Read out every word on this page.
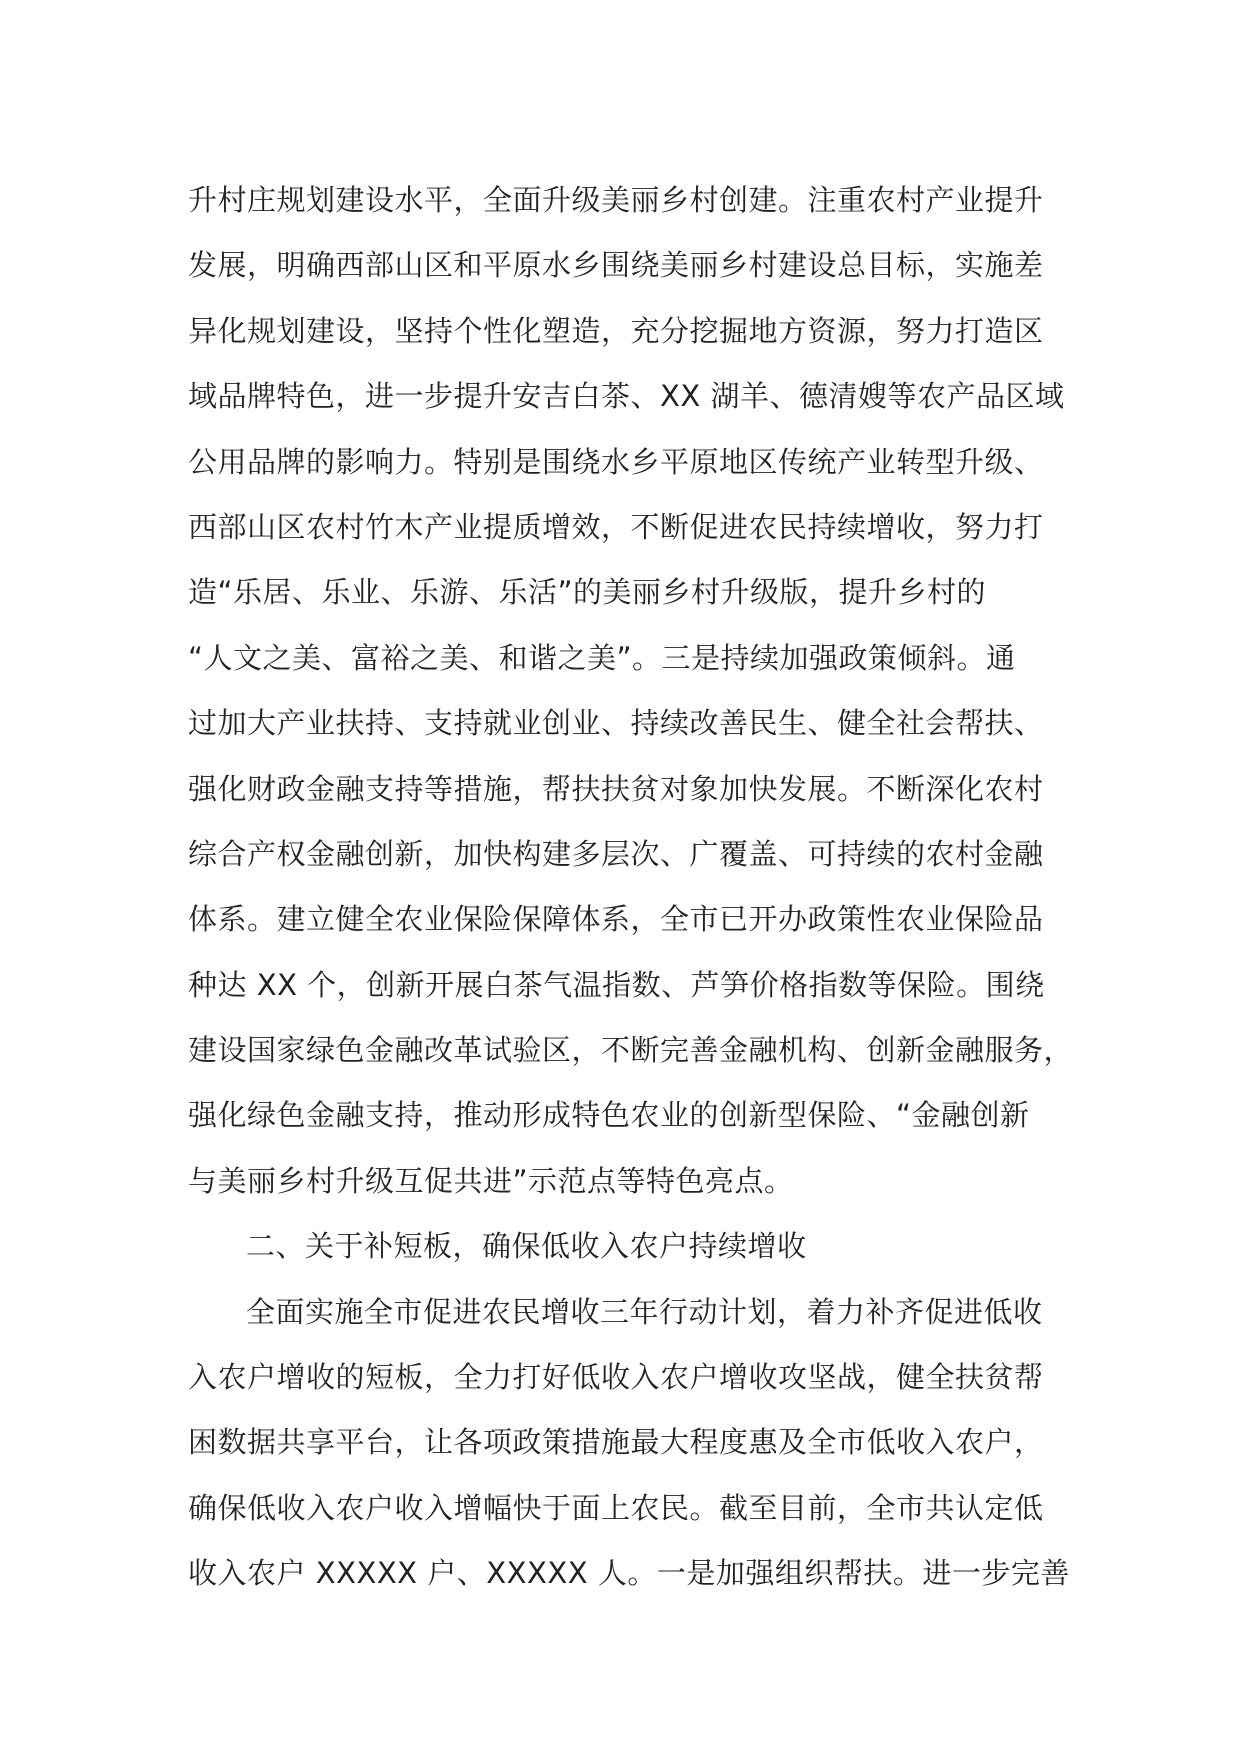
升村庄规划建设水平，全面升级美丽乡村创建。注重农村产业提升
发展，明确西部山区和平原水乡围绕美丽乡村建设总目标，实施差
异化规划建设，坚持个性化塑造，充分挖掘地方资源，努力打造区
域品牌特色，进一步提升安吉白茶、XX 湖羊、德清嫂等农产品区域
公用品牌的影响力。特别是围绕水乡平原地区传统产业转型升级、
西部山区农村竹木产业提质增效，不断促进农民持续增收，努力打
造“乐居、乐业、乐游、乐活”的美丽乡村升级版，提升乡村的
“人文之美、富裕之美、和谐之美”。三是持续加强政策倾斜。通
过加大产业扶持、支持就业创业、持续改善民生、健全社会帮扶、
强化财政金融支持等措施，帮扶扶贫对象加快发展。不断深化农村
综合产权金融创新，加快构建多层次、广覆盖、可持续的农村金融
体系。建立健全农业保险保障体系，全市已开办政策性农业保险品
种达 XX 个，创新开展白茶气温指数、芦笋价格指数等保险。围绕
建设国家绿色金融改革试验区，不断完善金融机构、创新金融服务，
强化绿色金融支持，推动形成特色农业的创新型保险、“金融创新
与美丽乡村升级互促共进”示范点等特色亮点。
二、关于补短板，确保低收入农户持续增收
全面实施全市促进农民增收三年行动计划，着力补齐促进低收
入农户增收的短板，全力打好低收入农户增收攻坚战，健全扶贫帮
困数据共享平台，让各项政策措施最大程度惠及全市低收入农户，
确保低收入农户收入增幅快于面上农民。截至目前，全市共认定低
收入农户 XXXXX 户、XXXXX 人。一是加强组织帮扶。进一步完善
